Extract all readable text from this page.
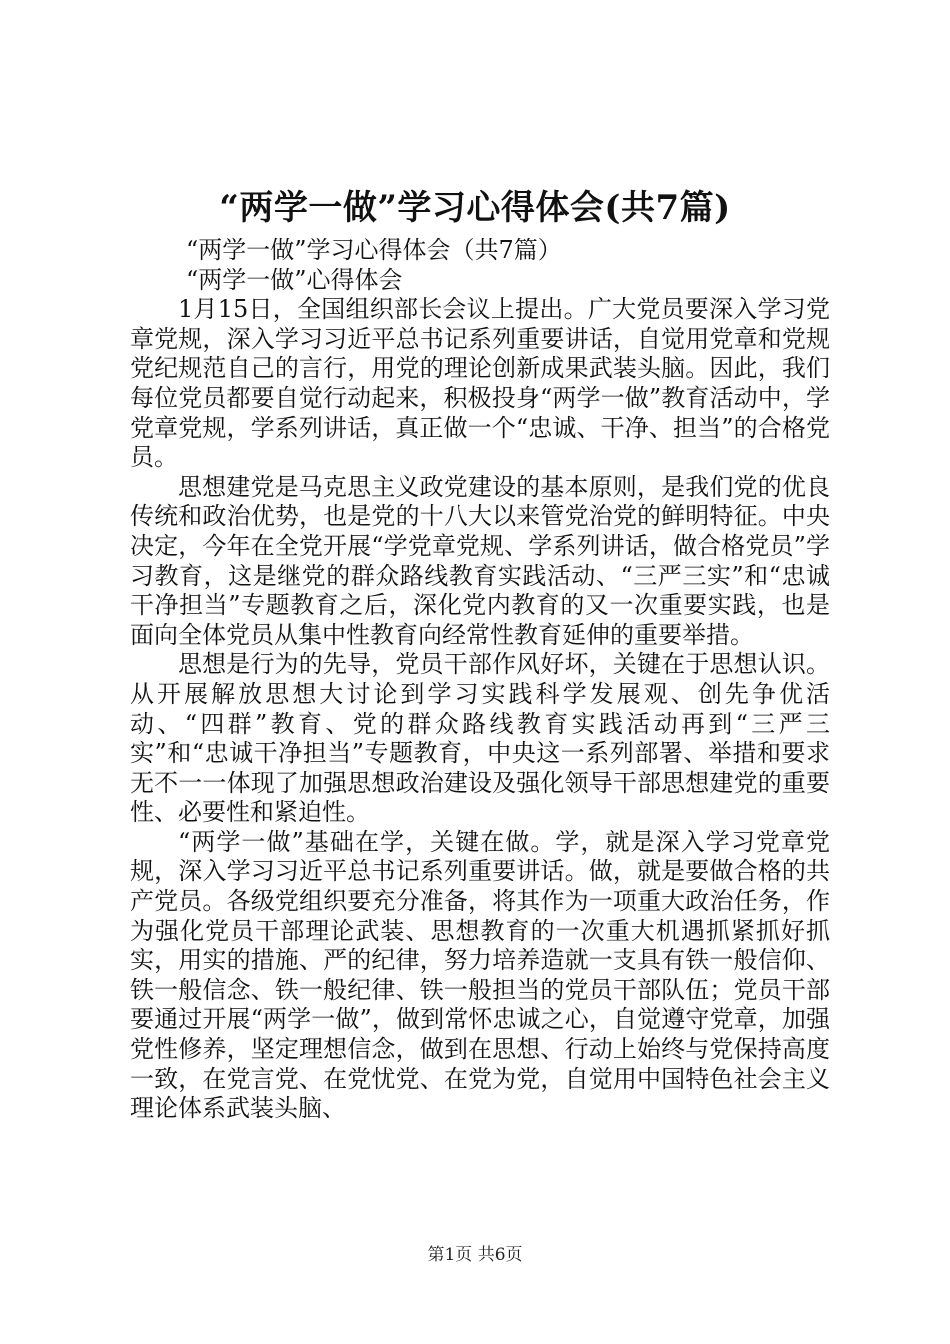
“两学一做”学习心得体会(共7篇)

“两学一做”学习心得体会（共7篇）

“两学一做”心得体会

1月15日，全国组织部长会议上提出。广大党员要深入学习党章党规，深入学习习近平总书记系列重要讲话，自觉用党章和党规党纪规范自己的言行，用党的理论创新成果武装头脑。因此，我们每位党员都要自觉行动起来，积极投身“两学一做”教育活动中，学党章党规，学系列讲话，真正做一个“忠诚、干净、担当”的合格党员。

思想建党是马克思主义政党建设的基本原则，是我们党的优良传统和政治优势，也是党的十八大以来管党治党的鲜明特征。中央决定，今年在全党开展“学党章党规、学系列讲话，做合格党员”学习教育，这是继党的群众路线教育实践活动、“三严三实”和“忠诚干净担当”专题教育之后，深化党内教育的又一次重要实践，也是面向全体党员从集中性教育向经常性教育延伸的重要举措。

思想是行为的先导，党员干部作风好坏，关键在于思想认识。从开展解放思想大讨论到学习实践科学发展观、创先争优活动、“四群”教育、党的群众路线教育实践活动再到“三严三实”和“忠诚干净担当”专题教育，中央这一系列部署、举措和要求无不一一体现了加强思想政治建设及强化领导干部思想建党的重要性、必要性和紧迫性。

“两学一做”基础在学，关键在做。学，就是深入学习党章党规，深入学习习近平总书记系列重要讲话。做，就是要做合格的共产党员。各级党组织要充分准备，将其作为一项重大政治任务，作为强化党员干部理论武装、思想教育的一次重大机遇抓紧抓好抓实，用实的措施、严的纪律，努力培养造就一支具有铁一般信仰、铁一般信念、铁一般纪律、铁一般担当的党员干部队伍；党员干部要通过开展“两学一做”，做到常怀忠诚之心，自觉遵守党章，加强党性修养，坚定理想信念，做到在思想、行动上始终与党保持高度一致，在党言党、在党忧党、在党为党，自觉用中国特色社会主义理论体系武装头脑、

第1页 共6页
